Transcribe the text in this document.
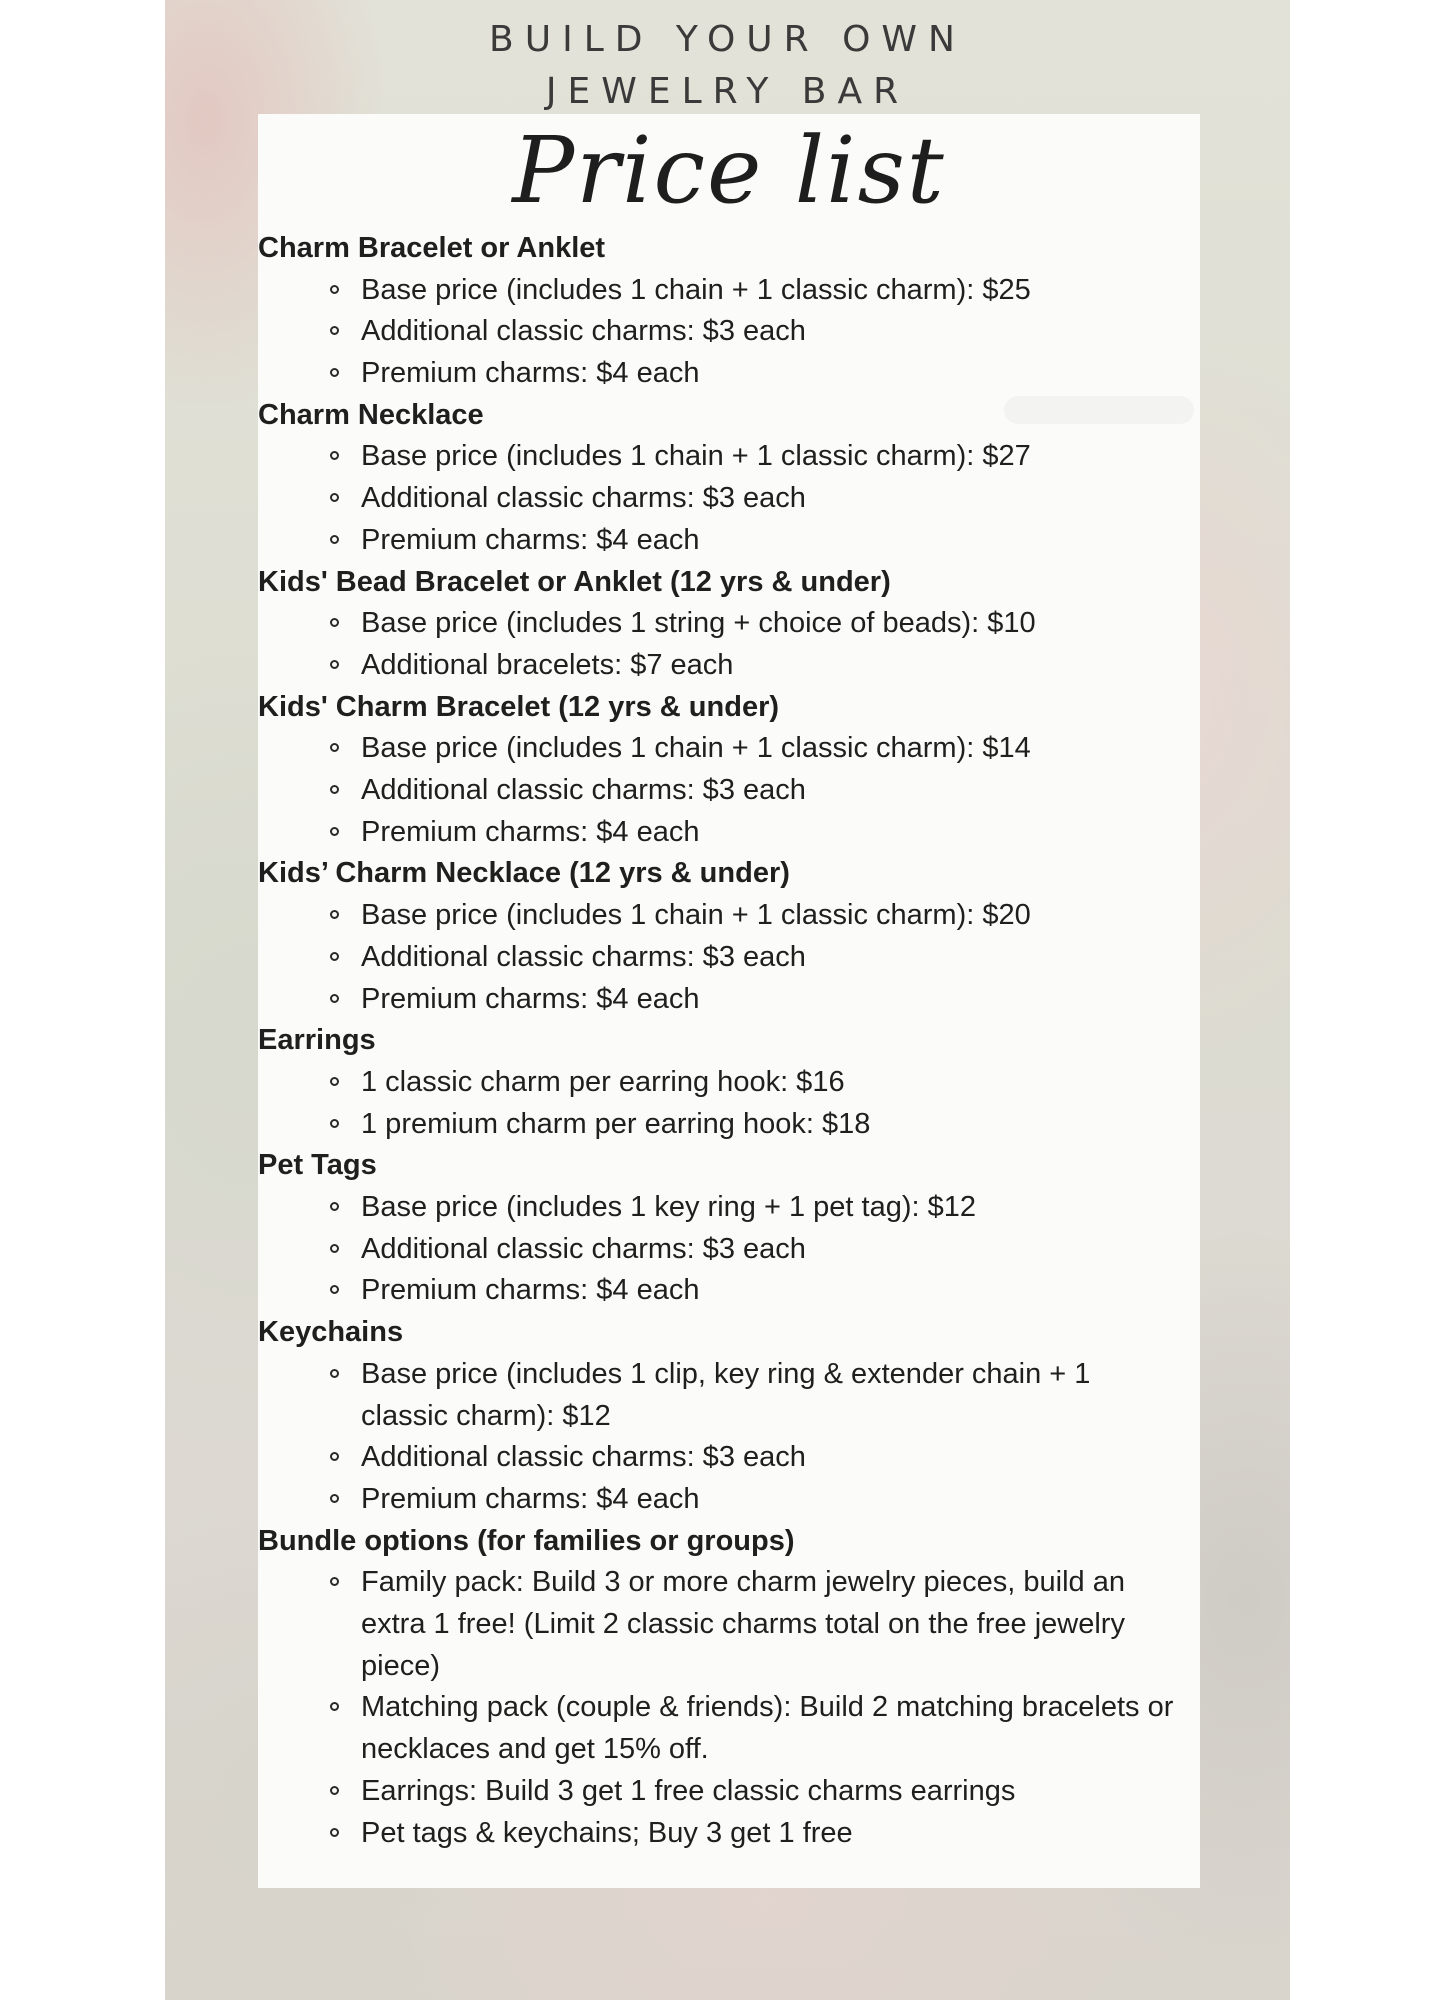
BUILD YOUR OWN
JEWELRY BAR
Price list
Charm Bracelet or Anklet
Base price (includes 1 chain + 1 classic charm): $25
Additional classic charms: $3 each
Premium charms: $4 each
Charm Necklace
Base price (includes 1 chain + 1 classic charm): $27
Additional classic charms: $3 each
Premium charms: $4 each
Kids' Bead Bracelet or Anklet (12 yrs & under)
Base price (includes 1 string + choice of beads): $10
Additional bracelets: $7 each
Kids' Charm Bracelet (12 yrs & under)
Base price (includes 1 chain + 1 classic charm): $14
Additional classic charms: $3 each
Premium charms: $4 each
Kids’ Charm Necklace (12 yrs & under)
Base price (includes 1 chain + 1 classic charm): $20
Additional classic charms: $3 each
Premium charms: $4 each
Earrings
1 classic charm per earring hook: $16
1 premium charm per earring hook: $18
Pet Tags
Base price (includes 1 key ring + 1 pet tag): $12
Additional classic charms: $3 each
Premium charms: $4 each
Keychains
Base price (includes 1 clip, key ring & extender chain + 1 classic charm): $12
Additional classic charms: $3 each
Premium charms: $4 each
Bundle options (for families or groups)
Family pack: Build 3 or more charm jewelry pieces, build an extra 1 free! (Limit 2 classic charms total on the free jewelry piece)
Matching pack (couple & friends): Build 2 matching bracelets or necklaces and get 15% off.
Earrings: Build 3 get 1 free classic charms earrings
Pet tags & keychains; Buy 3 get 1 free
